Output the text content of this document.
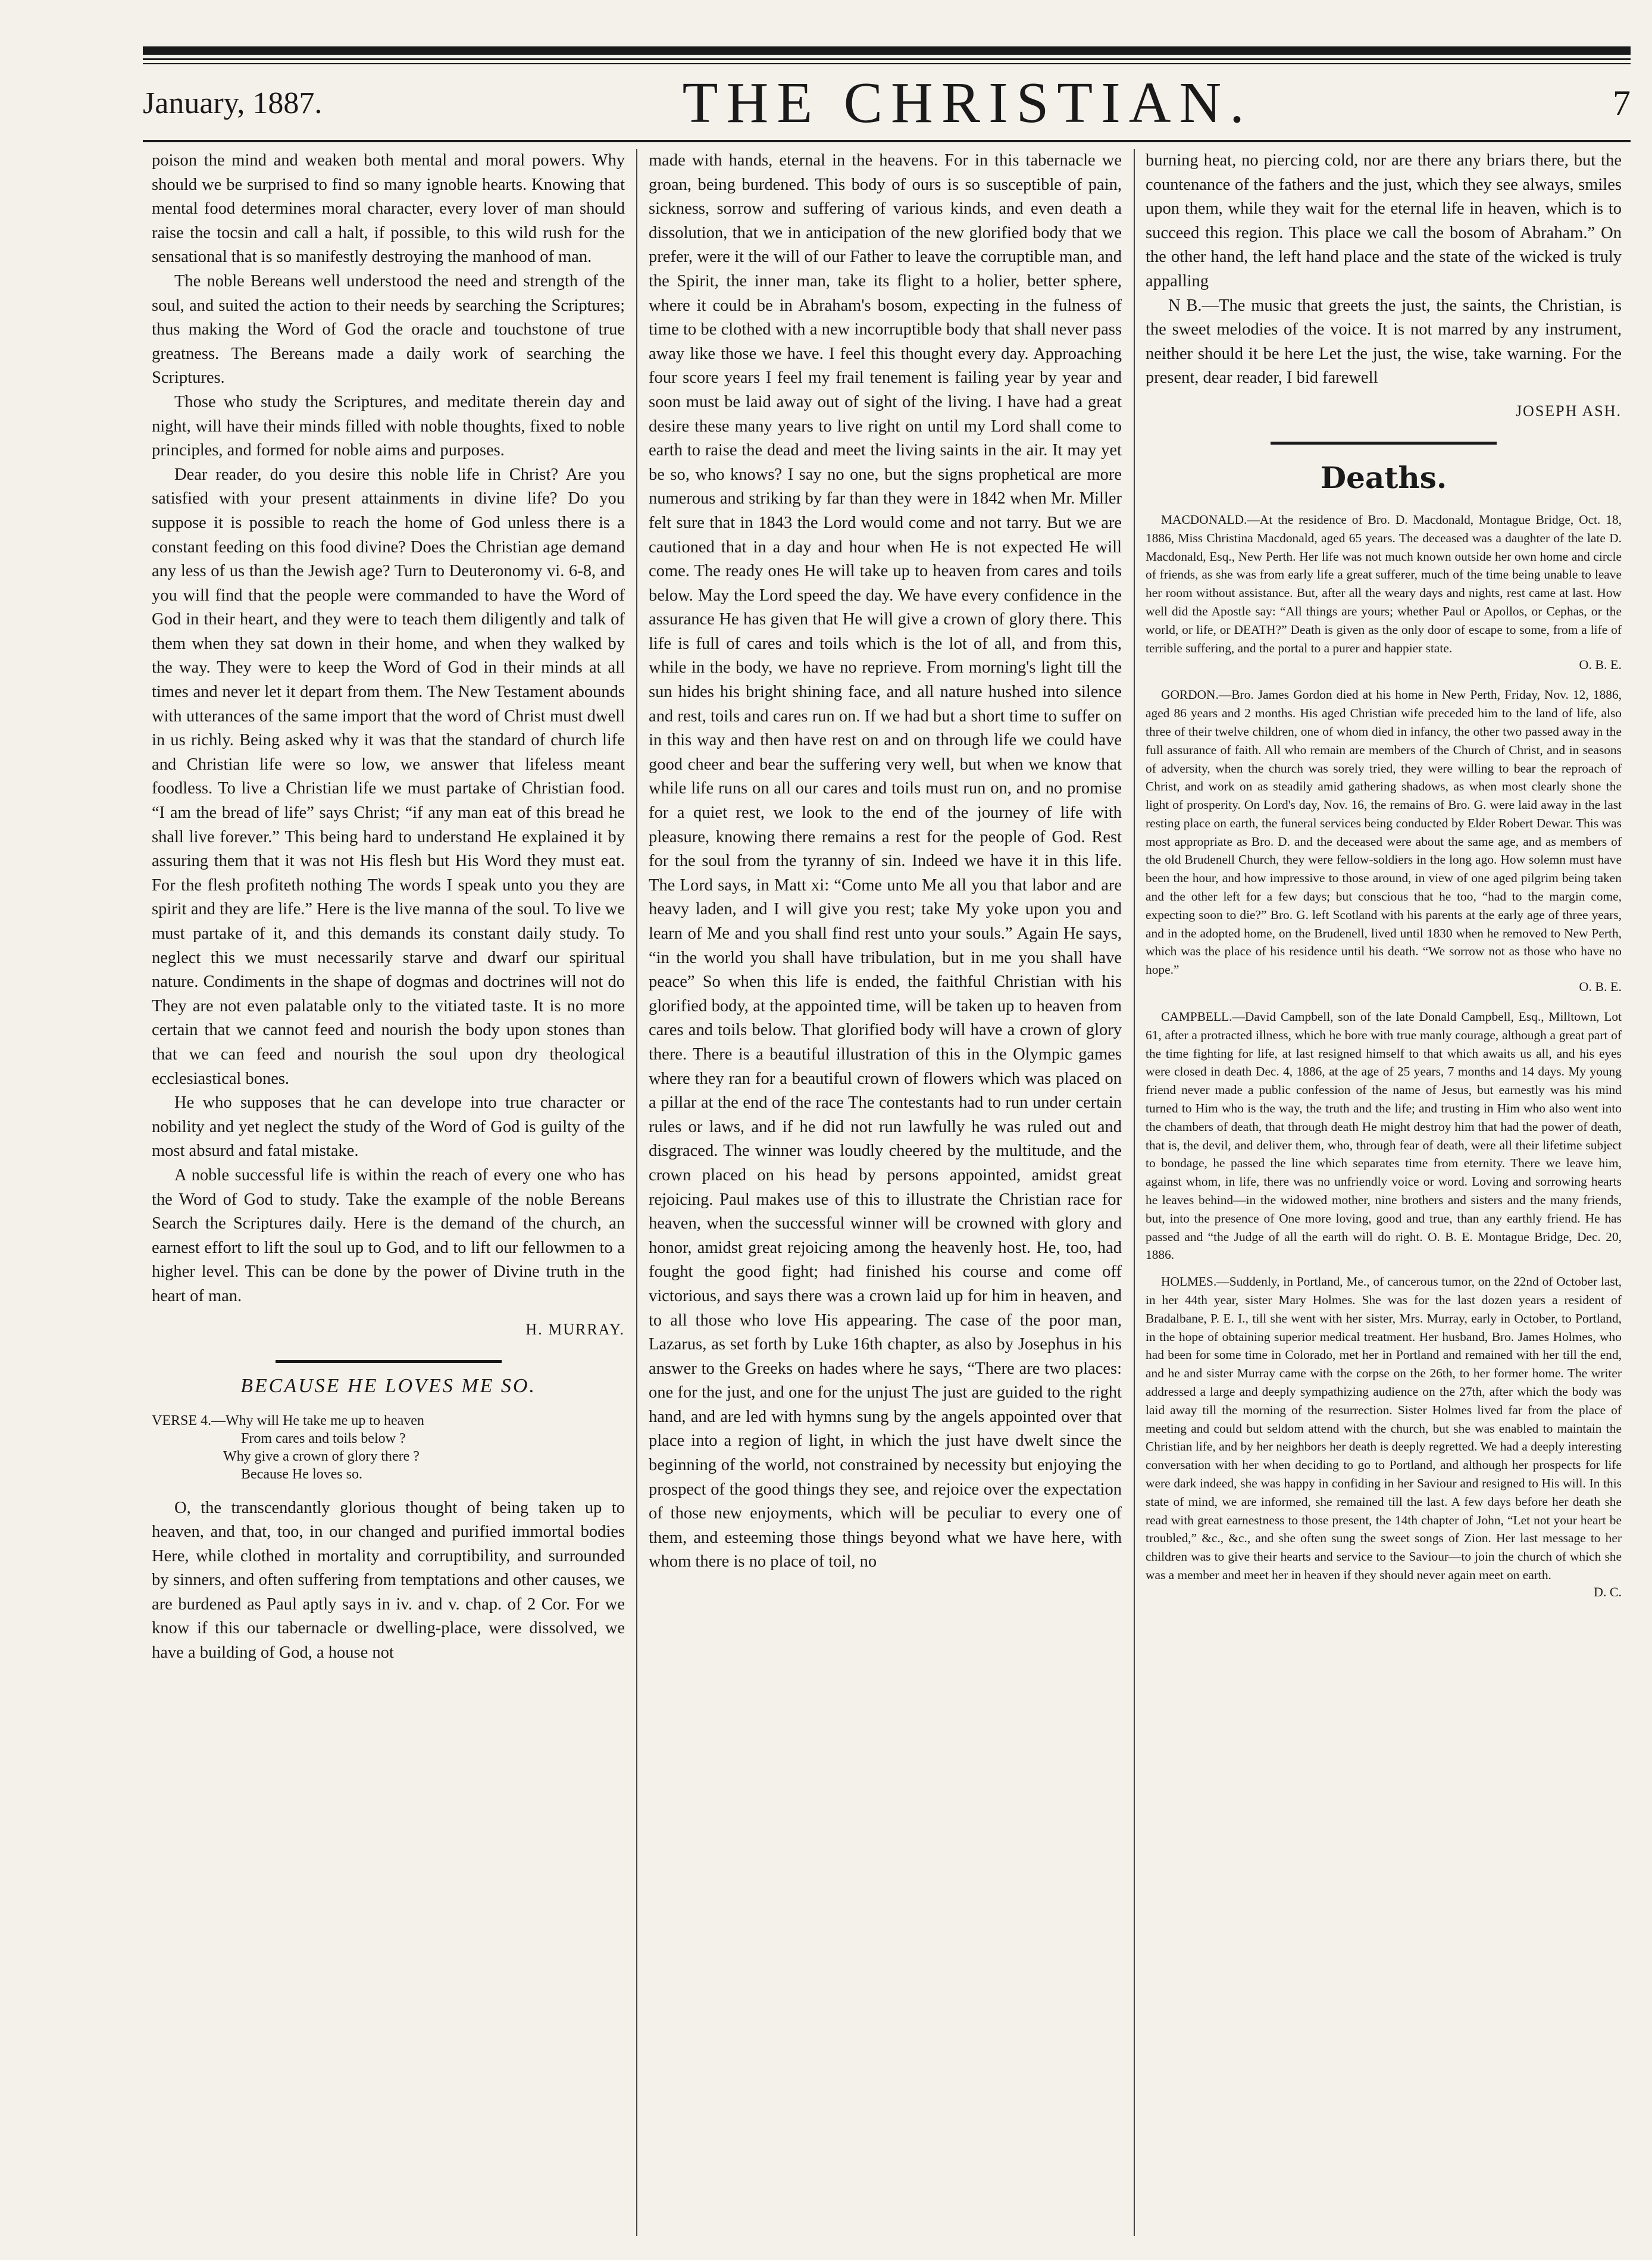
January, 1887.	THE CHRISTIAN.	7

poison the mind and weaken both mental and moral powers. Why should we be surprised to find so many ignoble hearts. Knowing that mental food determines moral character, every lover of man should raise the tocsin and call a halt, if possible, to this wild rush for the sensational that is so manifestly destroying the manhood of man.

The noble Bereans well understood the need and strength of the soul, and suited the action to their needs by searching the Scriptures; thus making the Word of God the oracle and touchstone of true greatness. The Bereans made a daily work of searching the Scriptures.

Those who study the Scriptures, and meditate therein day and night, will have their minds filled with noble thoughts, fixed to noble principles, and formed for noble aims and purposes.

Dear reader, do you desire this noble life in Christ? Are you satisfied with your present attainments in divine life? Do you suppose it is possible to reach the home of God unless there is a constant feeding on this food divine? Does the Christian age demand any less of us than the Jewish age? Turn to Deuteronomy vi. 6-8, and you will find that the people were commanded to have the Word of God in their heart, and they were to teach them diligently and talk of them when they sat down in their home, and when they walked by the way. They were to keep the Word of God in their minds at all times and never let it depart from them. The New Testament abounds with utterances of the same import that the word of Christ must dwell in us richly. Being asked why it was that the standard of church life and Christian life were so low, we answer that lifeless meant foodless. To live a Christian life we must partake of Christian food. “I am the bread of life” says Christ; “if any man eat of this bread he shall live forever.” This being hard to understand He explained it by assuring them that it was not His flesh but His Word they must eat. For the flesh profiteth nothing The words I speak unto you they are spirit and they are life.” Here is the live manna of the soul. To live we must partake of it, and this demands its constant daily study. To neglect this we must necessarily starve and dwarf our spiritual nature. Condiments in the shape of dogmas and doctrines will not do They are not even palatable only to the vitiated taste. It is no more certain that we cannot feed and nourish the body upon stones than that we can feed and nourish the soul upon dry theological ecclesiastical bones.

He who supposes that he can develope into true character or nobility and yet neglect the study of the Word of God is guilty of the most absurd and fatal mistake.

A noble successful life is within the reach of every one who has the Word of God to study. Take the example of the noble Bereans Search the Scriptures daily. Here is the demand of the church, an earnest effort to lift the soul up to God, and to lift our fellowmen to a higher level. This can be done by the power of Divine truth in the heart of man.

H. MURRAY.
BECAUSE HE LOVES ME SO.
VERSE 4.—Why will He take me up to heaven
From cares and toils below ?
Why give a crown of glory there ?
Because He loves so.

O, the transcendantly glorious thought of being taken up to heaven, and that, too, in our changed and purified immortal bodies Here, while clothed in mortality and corruptibility, and surrounded by sinners, and often suffering from temptations and other causes, we are burdened as Paul aptly says in iv. and v. chap. of 2 Cor. For we know if this our tabernacle or dwelling-place, were dissolved, we have a building of God, a house not

made with hands, eternal in the heavens. For in this tabernacle we groan, being burdened. This body of ours is so susceptible of pain, sickness, sorrow and suffering of various kinds, and even death a dissolution, that we in anticipation of the new glorified body that we prefer, were it the will of our Father to leave the corruptible man, and the Spirit, the inner man, take its flight to a holier, better sphere, where it could be in Abraham's bosom, expecting in the fulness of time to be clothed with a new incorruptible body that shall never pass away like those we have. I feel this thought every day. Approaching four score years I feel my frail tenement is failing year by year and soon must be laid away out of sight of the living. I have had a great desire these many years to live right on until my Lord shall come to earth to raise the dead and meet the living saints in the air. It may yet be so, who knows? I say no one, but the signs prophetical are more numerous and striking by far than they were in 1842 when Mr. Miller felt sure that in 1843 the Lord would come and not tarry. But we are cautioned that in a day and hour when He is not expected He will come. The ready ones He will take up to heaven from cares and toils below. May the Lord speed the day. We have every confidence in the assurance He has given that He will give a crown of glory there. This life is full of cares and toils which is the lot of all, and from this, while in the body, we have no reprieve. From morning's light till the sun hides his bright shining face, and all nature hushed into silence and rest, toils and cares run on. If we had but a short time to suffer on in this way and then have rest on and on through life we could have good cheer and bear the suffering very well, but when we know that while life runs on all our cares and toils must run on, and no promise for a quiet rest, we look to the end of the journey of life with pleasure, knowing there remains a rest for the people of God. Rest for the soul from the tyranny of sin. Indeed we have it in this life. The Lord says, in Matt xi: “Come unto Me all you that labor and are heavy laden, and I will give you rest; take My yoke upon you and learn of Me and you shall find rest unto your souls.” Again He says, “in the world you shall have tribulation, but in me you shall have peace” So when this life is ended, the faithful Christian with his glorified body, at the appointed time, will be taken up to heaven from cares and toils below. That glorified body will have a crown of glory there. There is a beautiful illustration of this in the Olympic games where they ran for a beautiful crown of flowers which was placed on a pillar at the end of the race The contestants had to run under certain rules or laws, and if he did not run lawfully he was ruled out and disgraced. The winner was loudly cheered by the multitude, and the crown placed on his head by persons appointed, amidst great rejoicing. Paul makes use of this to illustrate the Christian race for heaven, when the successful winner will be crowned with glory and honor, amidst great rejoicing among the heavenly host. He, too, had fought the good fight; had finished his course and come off victorious, and says there was a crown laid up for him in heaven, and to all those who love His appearing. The case of the poor man, Lazarus, as set forth by Luke 16th chapter, as also by Josephus in his answer to the Greeks on hades where he says, “There are two places: one for the just, and one for the unjust The just are guided to the right hand, and are led with hymns sung by the angels appointed over that place into a region of light, in which the just have dwelt since the beginning of the world, not constrained by necessity but enjoying the prospect of the good things they see, and rejoice over the expectation of those new enjoyments, which will be peculiar to every one of them, and esteeming those things beyond what we have here, with whom there is no place of toil, no

burning heat, no piercing cold, nor are there any briars there, but the countenance of the fathers and the just, which they see always, smiles upon them, while they wait for the eternal life in heaven, which is to succeed this region. This place we call the bosom of Abraham.” On the other hand, the left hand place and the state of the wicked is truly appalling

N B.—The music that greets the just, the saints, the Christian, is the sweet melodies of the voice. It is not marred by any instrument, neither should it be here Let the just, the wise, take warning. For the present, dear reader, I bid farewell

JOSEPH ASH.
Deaths.

MACDONALD.—At the residence of Bro. D. Macdonald, Montague Bridge, Oct. 18, 1886, Miss Christina Macdonald, aged 65 years. The deceased was a daughter of the late D. Macdonald, Esq., New Perth. Her life was not much known outside her own home and circle of friends, as she was from early life a great sufferer, much of the time being unable to leave her room without assistance. But, after all the weary days and nights, rest came at last. How well did the Apostle say: “All things are yours; whether Paul or Apollos, or Cephas, or the world, or life, or DEATH?” Death is given as the only door of escape to some, from a life of terrible suffering, and the portal to a purer and happier state.

O. B. E.

GORDON.—Bro. James Gordon died at his home in New Perth, Friday, Nov. 12, 1886, aged 86 years and 2 months. His aged Christian wife preceded him to the land of life, also three of their twelve children, one of whom died in infancy, the other two passed away in the full assurance of faith. All who remain are members of the Church of Christ, and in seasons of adversity, when the church was sorely tried, they were willing to bear the reproach of Christ, and work on as steadily amid gathering shadows, as when most clearly shone the light of prosperity. On Lord's day, Nov. 16, the remains of Bro. G. were laid away in the last resting place on earth, the funeral services being conducted by Elder Robert Dewar. This was most appropriate as Bro. D. and the deceased were about the same age, and as members of the old Brudenell Church, they were fellow-soldiers in the long ago. How solemn must have been the hour, and how impressive to those around, in view of one aged pilgrim being taken and the other left for a few days; but conscious that he too, “had to the margin come, expecting soon to die?” Bro. G. left Scotland with his parents at the early age of three years, and in the adopted home, on the Brudenell, lived until 1830 when he removed to New Perth, which was the place of his residence until his death. “We sorrow not as those who have no hope.”

O. B. E.

CAMPBELL.—David Campbell, son of the late Donald Campbell, Esq., Milltown, Lot 61, after a protracted illness, which he bore with true manly courage, although a great part of the time fighting for life, at last resigned himself to that which awaits us all, and his eyes were closed in death Dec. 4, 1886, at the age of 25 years, 7 months and 14 days. My young friend never made a public confession of the name of Jesus, but earnestly was his mind turned to Him who is the way, the truth and the life; and trusting in Him who also went into the chambers of death, that through death He might destroy him that had the power of death, that is, the devil, and deliver them, who, through fear of death, were all their lifetime subject to bondage, he passed the line which separates time from eternity. There we leave him, against whom, in life, there was no unfriendly voice or word. Loving and sorrowing hearts he leaves behind—in the widowed mother, nine brothers and sisters and the many friends, but, into the presence of One more loving, good and true, than any earthly friend. He has passed and “the Judge of all the earth will do right. O. B. E. Montague Bridge, Dec. 20, 1886.

HOLMES.—Suddenly, in Portland, Me., of cancerous tumor, on the 22nd of October last, in her 44th year, sister Mary Holmes. She was for the last dozen years a resident of Bradalbane, P. E. I., till she went with her sister, Mrs. Murray, early in October, to Portland, in the hope of obtaining superior medical treatment. Her husband, Bro. James Holmes, who had been for some time in Colorado, met her in Portland and remained with her till the end, and he and sister Murray came with the corpse on the 26th, to her former home. The writer addressed a large and deeply sympathizing audience on the 27th, after which the body was laid away till the morning of the resurrection. Sister Holmes lived far from the place of meeting and could but seldom attend with the church, but she was enabled to maintain the Christian life, and by her neighbors her death is deeply regretted. We had a deeply interesting conversation with her when deciding to go to Portland, and although her prospects for life were dark indeed, she was happy in confiding in her Saviour and resigned to His will. In this state of mind, we are informed, she remained till the last. A few days before her death she read with great earnestness to those present, the 14th chapter of John, “Let not your heart be troubled,” &c., &c., and she often sung the sweet songs of Zion. Her last message to her children was to give their hearts and service to the Saviour—to join the church of which she was a member and meet her in heaven if they should never again meet on earth.

D. C.
